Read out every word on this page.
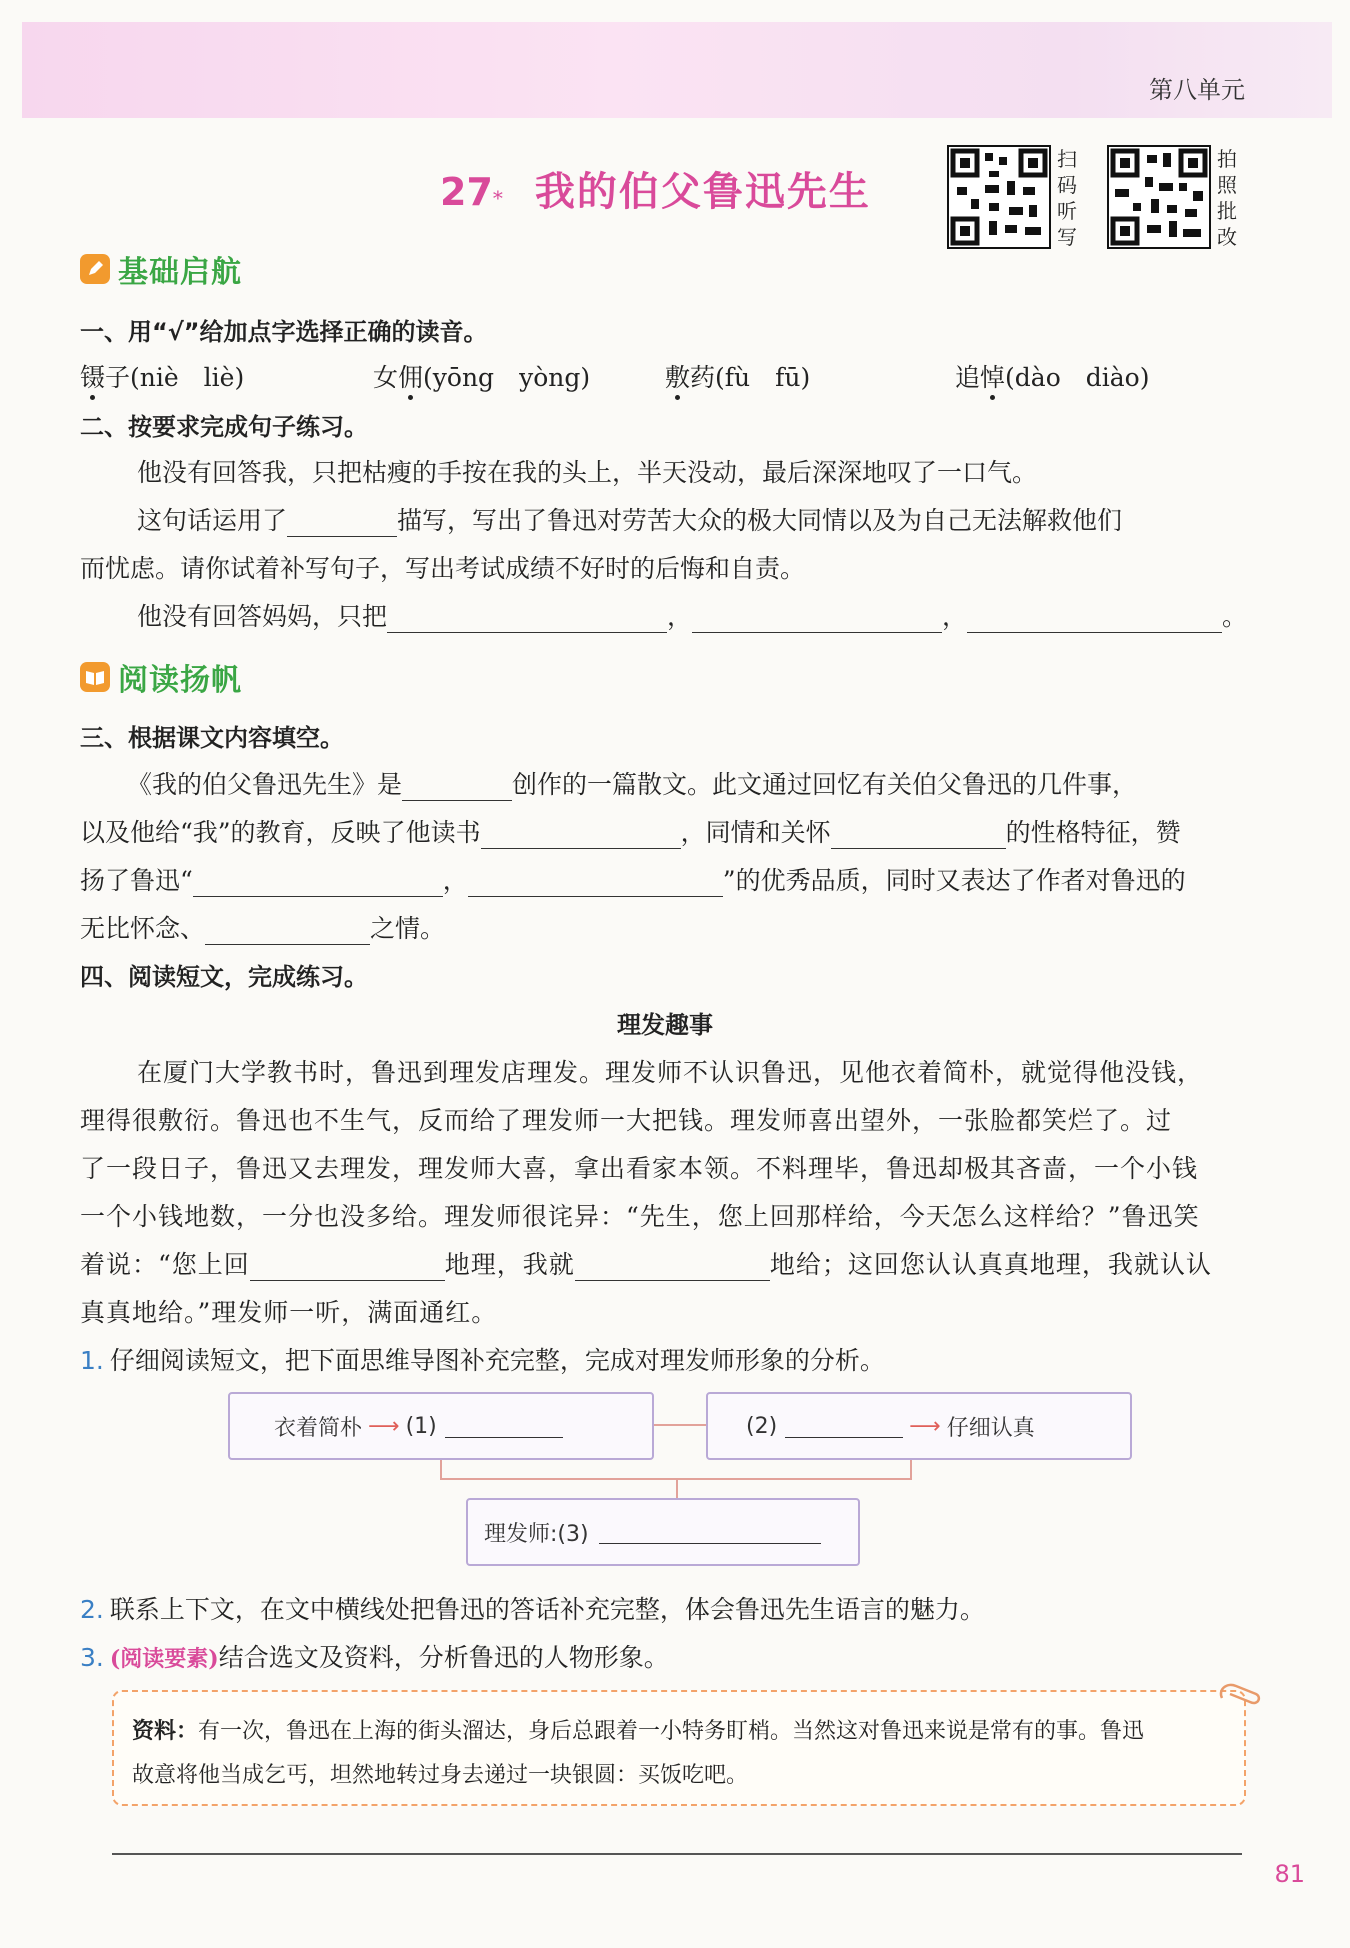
第八单元
27 * 我的伯父鲁迅先生
扫
码
听
写
拍
照
批
改
基础启航
一、用“√”给加点字选择正确的读音。
镊子(niè　liè)	女佣(yōng　yòng)	敷药(fù　fū)	追悼(dào　diào)
二、按要求完成句子练习。
他没有回答我，只把枯瘦的手按在我的头上，半天没动，最后深深地叹了一口气。
这句话运用了	描写，写出了鲁迅对劳苦大众的极大同情以及为自己无法解救他们
而忧虑。请你试着补写句子，写出考试成绩不好时的后悔和自责。
他没有回答妈妈，只把	，	，	。
阅读扬帆
三、根据课文内容填空。
《我的伯父鲁迅先生》是	创作的一篇散文。此文通过回忆有关伯父鲁迅的几件事，
以及他给“我”的教育，反映了他读书	，同情和关怀	的性格特征，赞
扬了鲁迅“	，	”的优秀品质，同时又表达了作者对鲁迅的
无比怀念、	之情。
四、阅读短文，完成练习。
理发趣事
在厦门大学教书时，鲁迅到理发店理发。理发师不认识鲁迅，见他衣着简朴，就觉得他没钱，
理得很敷衍。鲁迅也不生气，反而给了理发师一大把钱。理发师喜出望外，一张脸都笑烂了。过
了一段日子，鲁迅又去理发，理发师大喜，拿出看家本领。不料理毕，鲁迅却极其吝啬，一个小钱
一个小钱地数，一分也没多给。理发师很诧异：“先生，您上回那样给，今天怎么这样给？”鲁迅笑
着说：“您上回	地理，我就	地给；这回您认认真真地理，我就认认
真真地给。”理发师一听，满面通红。
1. 仔细阅读短文，把下面思维导图补充完整，完成对理发师形象的分析。
衣着简朴 ⟶ (1)	(2)	⟶ 仔细认真
理发师:(3)
2. 联系上下文，在文中横线处把鲁迅的答话补充完整，体会鲁迅先生语言的魅力。
3. (阅读要素)结合选文及资料，分析鲁迅的人物形象。
资料：有一次，鲁迅在上海的街头溜达，身后总跟着一小特务盯梢。当然这对鲁迅来说是常有的事。鲁迅
故意将他当成乞丐，坦然地转过身去递过一块银圆：买饭吃吧。
81
